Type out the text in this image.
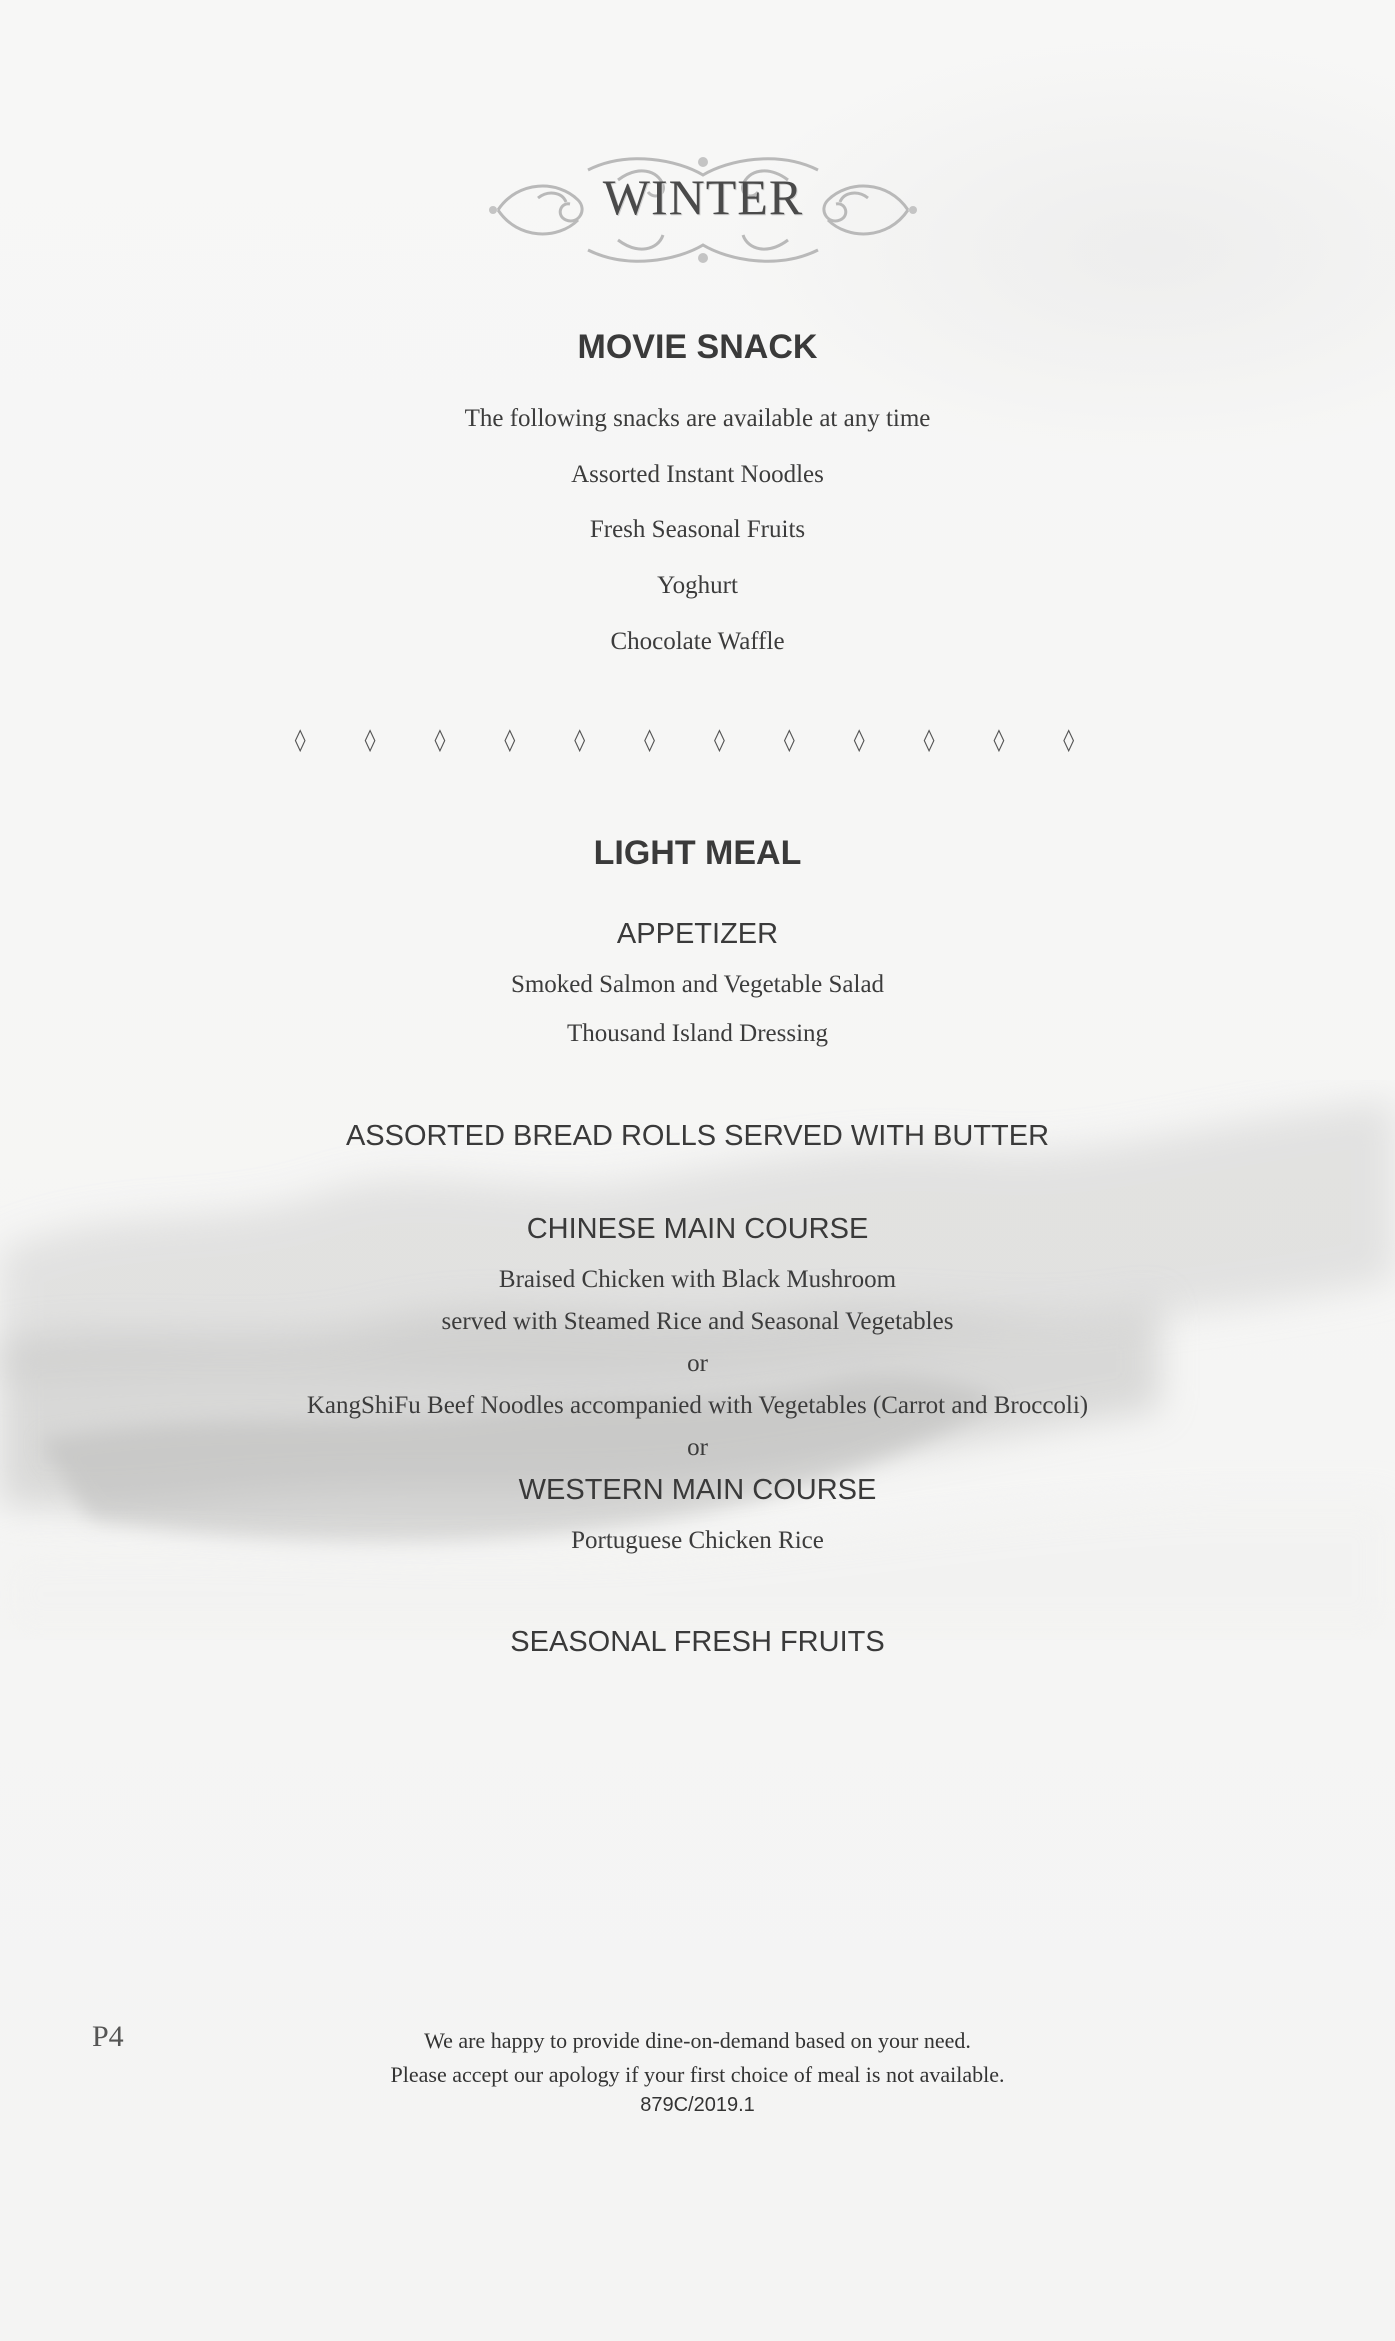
WINTER
MOVIE SNACK
The following snacks are available at any time
Assorted Instant Noodles
Fresh Seasonal Fruits
Yoghurt
Chocolate Waffle
◊ ◊ ◊ ◊ ◊ ◊ ◊ ◊ ◊ ◊ ◊ ◊
LIGHT MEAL
APPETIZER
Smoked Salmon and Vegetable Salad
Thousand Island Dressing
ASSORTED BREAD ROLLS SERVED WITH BUTTER
CHINESE MAIN COURSE
Braised Chicken with Black Mushroom
served with Steamed Rice and Seasonal Vegetables
or
KangShiFu Beef Noodles accompanied with Vegetables (Carrot and Broccoli)
or
WESTERN MAIN COURSE
Portuguese Chicken Rice
SEASONAL FRESH FRUITS
P4	We are happy to provide dine-on-demand based on your need.
Please accept our apology if your first choice of meal is not available.
879C/2019.1
